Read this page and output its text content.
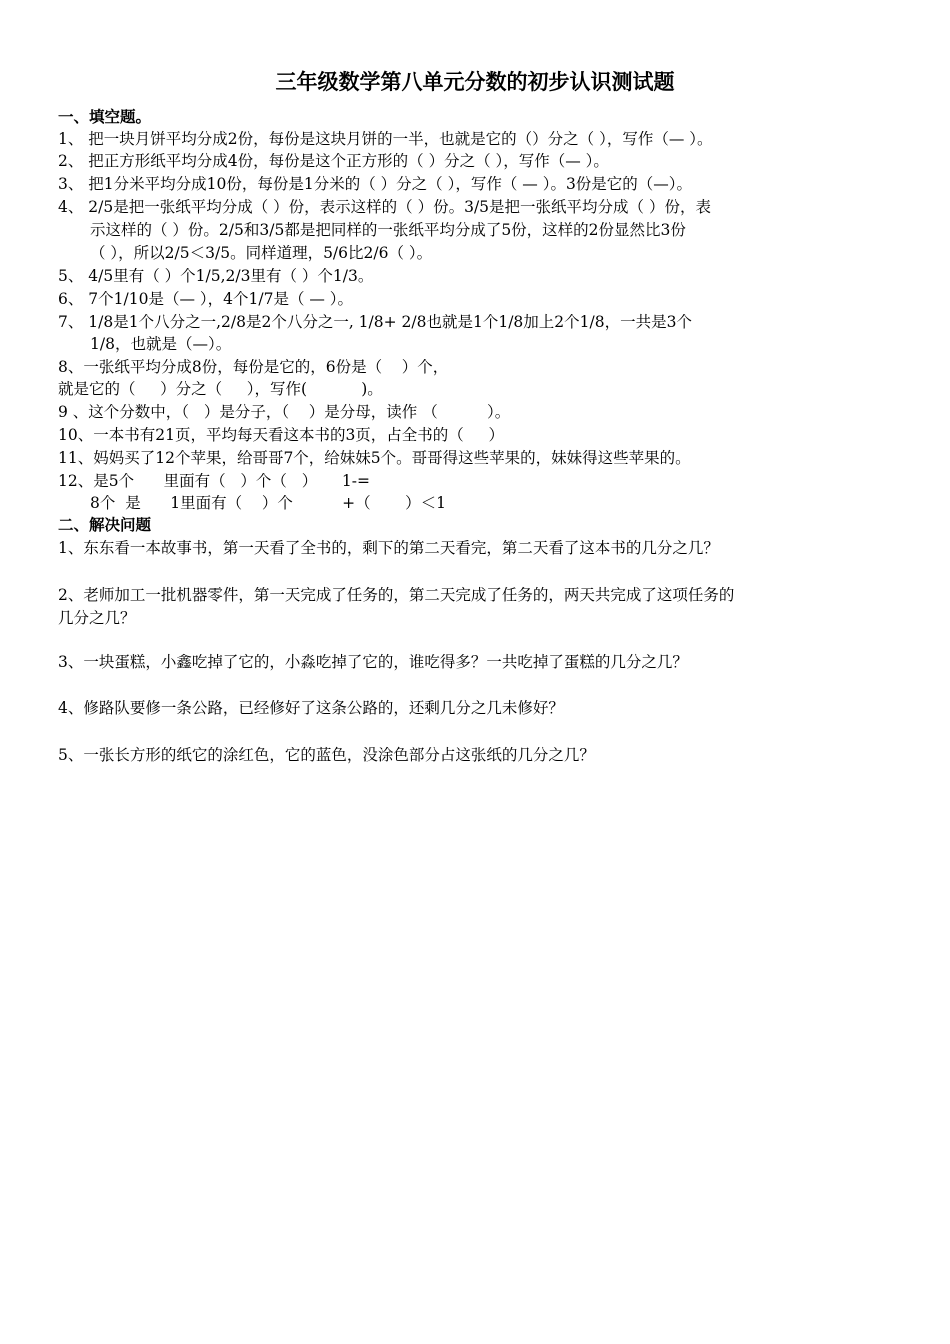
三年级数学第八单元分数的初步认识测试题
一、填空题。
1、 把一块月饼平均分成2份，每份是这块月饼的一半，也就是它的（）分之（ ），写作（— ）。
2、 把正方形纸平均分成4份，每份是这个正方形的（ ）分之（ ），写作（— ）。
3、 把1分米平均分成10份，每份是1分米的（ ）分之（ ），写作（ — ）。3份是它的（—）。
4、 2/5是把一张纸平均分成（ ）份，表示这样的（ ）份。3/5是把一张纸平均分成（ ）份，表
示这样的（ ）份。2/5和3/5都是把同样的一张纸平均分成了5份，这样的2份显然比3份
（ ），所以2/5＜3/5。同样道理，5/6比2/6（ ）。
5、 4/5里有（ ）个1/5,2/3里有（ ）个1/3。
6、 7个1/10是（— ），4个1/7是（ — ）。
7、 1/8是1个八分之一,2/8是2个八分之一, 1/8+ 2/8也就是1个1/8加上2个1/8，一共是3个
1/8，也就是（—）。
8、一张纸平均分成8份，每份是它的，6份是（    ）个，
就是它的（     ）分之（     ），写作(           )。
9 、这个分数中，（   ）是分子，（    ）是分母，读作 （          ）。
10、一本书有21页，平均每天看这本书的3页，占全书的（     ）
11、妈妈买了12个苹果，给哥哥7个，给妹妹5个。哥哥得这些苹果的，妹妹得这些苹果的。
12、是5个      里面有（   ）个（   ）     1-=
8个  是      1里面有（    ）个          +（       ）＜1
二、解决问题
1、东东看一本故事书，第一天看了全书的，剩下的第二天看完，第二天看了这本书的几分之几？
2、老师加工一批机器零件，第一天完成了任务的，第二天完成了任务的，两天共完成了这项任务的
几分之几？
3、一块蛋糕，小鑫吃掉了它的，小淼吃掉了它的，谁吃得多？一共吃掉了蛋糕的几分之几？
4、修路队要修一条公路，已经修好了这条公路的，还剩几分之几未修好？
5、一张长方形的纸它的涂红色，它的蓝色，没涂色部分占这张纸的几分之几？
